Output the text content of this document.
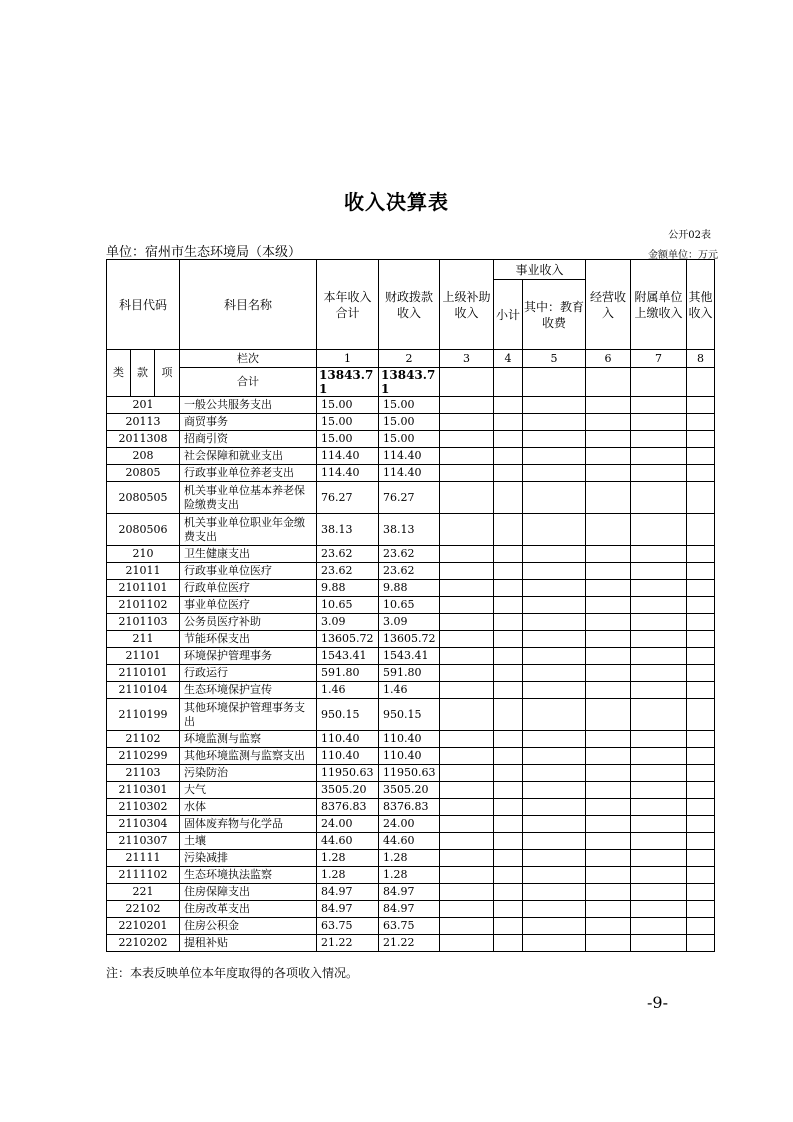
收入决算表
公开02表
单位：宿州市生态环境局（本级）	金额单位：万元
科目代码			科目名称	本年收入合计	财政拨款收入	上级补助收入	事业收入		经营收入	附属单位上缴收入	其他收入
							小计	其中：教育收费			
类	款	项	栏次	1	2	3	4	5	6	7	8
			合计	13843.71	13843.71						
201			一般公共服务支出	15.00	15.00						
20113			商贸事务	15.00	15.00						
2011308			招商引资	15.00	15.00						
208			社会保障和就业支出	114.40	114.40						
20805			行政事业单位养老支出	114.40	114.40						
2080505			机关事业单位基本养老保险缴费支出	76.27	76.27						
2080506			机关事业单位职业年金缴费支出	38.13	38.13						
210			卫生健康支出	23.62	23.62						
21011			行政事业单位医疗	23.62	23.62						
2101101			行政单位医疗	9.88	9.88						
2101102			事业单位医疗	10.65	10.65						
2101103			公务员医疗补助	3.09	3.09						
211			节能环保支出	13605.72	13605.72						
21101			环境保护管理事务	1543.41	1543.41						
2110101			行政运行	591.80	591.80						
2110104			生态环境保护宣传	1.46	1.46						
2110199			其他环境保护管理事务支出	950.15	950.15						
21102			环境监测与监察	110.40	110.40						
2110299			其他环境监测与监察支出	110.40	110.40						
21103			污染防治	11950.63	11950.63						
2110301			大气	3505.20	3505.20						
2110302			水体	8376.83	8376.83						
2110304			固体废弃物与化学品	24.00	24.00						
2110307			土壤	44.60	44.60						
21111			污染减排	1.28	1.28						
2111102			生态环境执法监察	1.28	1.28						
221			住房保障支出	84.97	84.97						
22102			住房改革支出	84.97	84.97						
2210201			住房公积金	63.75	63.75						
2210202			提租补贴	21.22	21.22						
注：本表反映单位本年度取得的各项收入情况。
-9-
